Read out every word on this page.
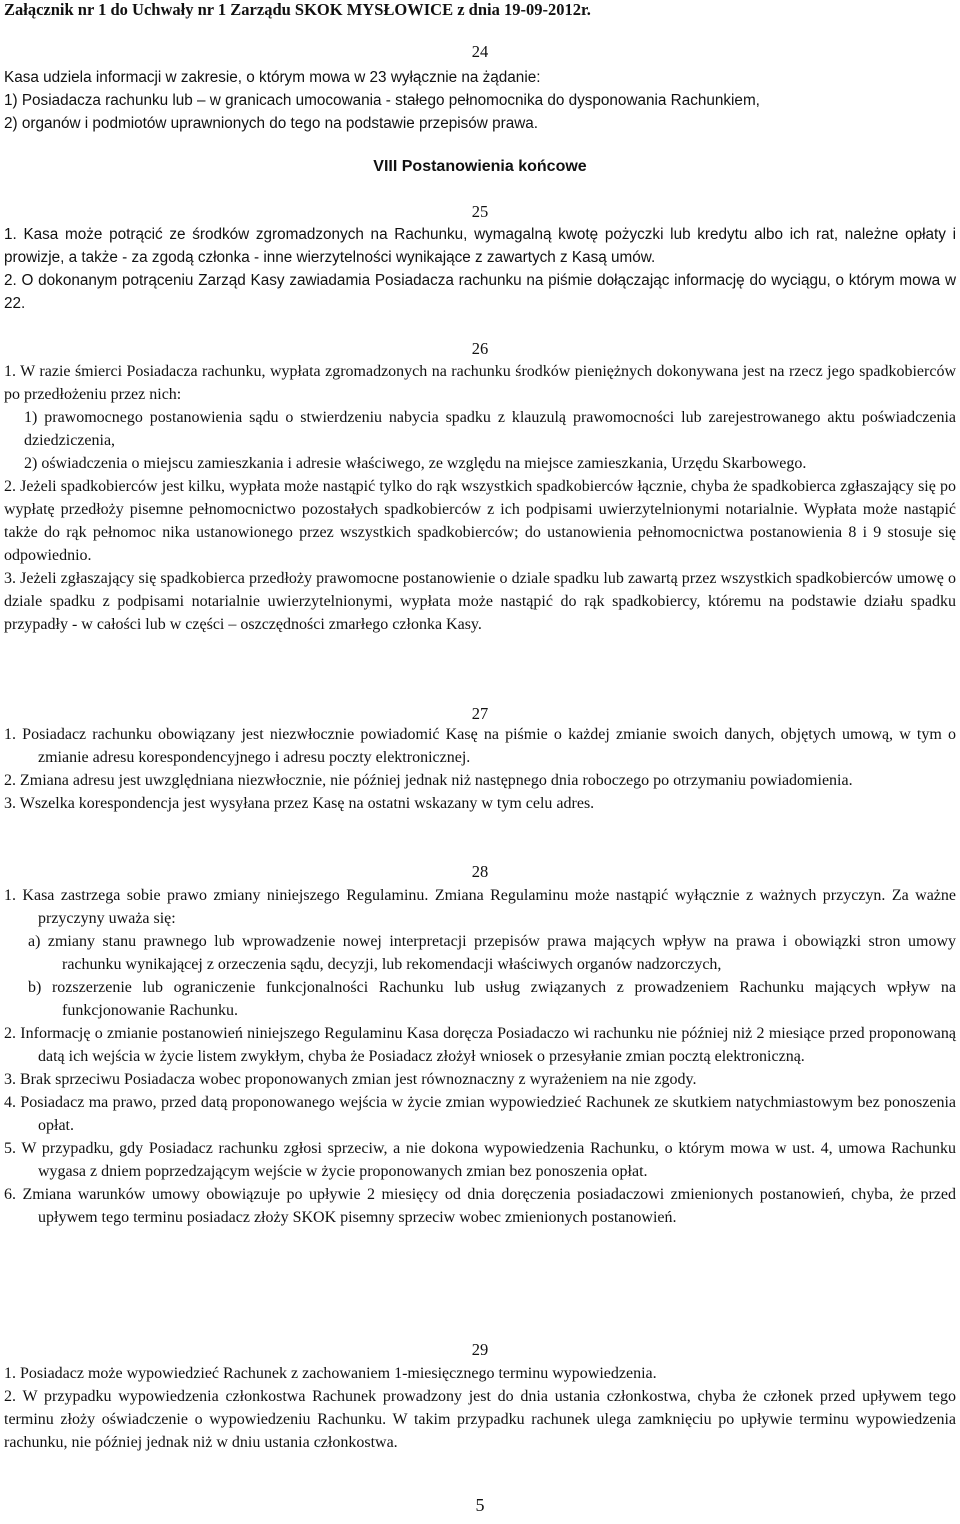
Załącznik nr 1 do Uchwały nr 1 Zarządu SKOK MYSŁOWICE z dnia 19-09-2012r.
24

Kasa udziela informacji w zakresie, o którym mowa w 23 wyłącznie na żądanie:

1) Posiadacza rachunku lub – w granicach umocowania - stałego pełnomocnika do dysponowania Rachunkiem,

2) organów i podmiotów uprawnionych do tego na podstawie przepisów prawa.

VIII Postanowienia końcowe
25

1. Kasa może potrącić ze środków zgromadzonych na Rachunku, wymagalną kwotę pożyczki lub kredytu albo ich rat, należne opłaty i prowizje, a także - za zgodą członka - inne wierzytelności wynikające z zawartych z Kasą umów.

2. O dokonanym potrąceniu Zarząd Kasy zawiadamia Posiadacza rachunku na piśmie dołączając informację do wyciągu, o którym mowa w 22.

26

1. W razie śmierci Posiadacza rachunku, wypłata zgromadzonych na rachunku środków pieniężnych dokonywana jest na rzecz jego spadkobierców po przedłożeniu przez nich:

1) prawomocnego postanowienia sądu o stwierdzeniu nabycia spadku z klauzulą prawomocności lub zarejestrowanego aktu poświadczenia dziedziczenia,

2) oświadczenia o miejscu zamieszkania i adresie właściwego, ze względu na miejsce zamieszkania, Urzędu Skarbowego.

2. Jeżeli spadkobierców jest kilku, wypłata może nastąpić tylko do rąk wszystkich spadkobierców łącznie, chyba że spadkobierca zgłaszający się po wypłatę przedłoży pisemne pełnomocnictwo pozostałych spadkobierców z ich podpisami uwierzytelnionymi notarialnie. Wypłata może nastąpić także do rąk pełnomoc nika ustanowionego przez wszystkich spadkobierców; do ustanowienia pełnomocnictwa postanowienia 8 i 9 stosuje się odpowiednio.

3. Jeżeli zgłaszający się spadkobierca przedłoży prawomocne postanowienie o dziale spadku lub zawartą przez wszystkich spadkobierców umowę o dziale spadku z podpisami notarialnie uwierzytelnionymi, wypłata może nastąpić do rąk spadkobiercy, któremu na podstawie działu spadku przypadły - w całości lub w części – oszczędności zmarłego członka Kasy.

27

1. Posiadacz rachunku obowiązany jest niezwłocznie powiadomić Kasę na piśmie o każdej zmianie swoich danych, objętych umową, w tym o zmianie adresu korespondencyjnego i adresu poczty elektronicznej.

2. Zmiana adresu jest uwzględniana niezwłocznie, nie później jednak niż następnego dnia roboczego po otrzymaniu powiadomienia.

3. Wszelka korespondencja jest wysyłana przez Kasę na ostatni wskazany w tym celu adres.

28

1. Kasa zastrzega sobie prawo zmiany niniejszego Regulaminu. Zmiana Regulaminu może nastąpić wyłącznie z ważnych przyczyn. Za ważne przyczyny uważa się:

a) zmiany stanu prawnego lub wprowadzenie nowej interpretacji przepisów prawa mających wpływ na prawa i obowiązki stron umowy rachunku wynikającej z orzeczenia sądu, decyzji, lub rekomendacji właściwych organów nadzorczych,

b) rozszerzenie lub ograniczenie funkcjonalności Rachunku lub usług związanych z prowadzeniem Rachunku mających wpływ na funkcjonowanie Rachunku.

2. Informację o zmianie postanowień niniejszego Regulaminu Kasa doręcza Posiadaczo wi rachunku nie później niż 2 miesiące przed proponowaną datą ich wejścia w życie listem zwykłym, chyba że Posiadacz złożył wniosek o przesyłanie zmian pocztą elektroniczną.

3. Brak sprzeciwu Posiadacza wobec proponowanych zmian jest równoznaczny z wyrażeniem na nie zgody.

4. Posiadacz ma prawo, przed datą proponowanego wejścia w życie zmian wypowiedzieć Rachunek ze skutkiem natychmiastowym bez ponoszenia opłat.

5. W przypadku, gdy Posiadacz rachunku zgłosi sprzeciw, a nie dokona wypowiedzenia Rachunku, o którym mowa w ust. 4, umowa Rachunku wygasa z dniem poprzedzającym wejście w życie proponowanych zmian bez ponoszenia opłat.

6. Zmiana warunków umowy obowiązuje po upływie 2 miesięcy od dnia doręczenia posiadaczowi zmienionych postanowień, chyba, że przed upływem tego terminu posiadacz złoży SKOK pisemny sprzeciw wobec zmienionych postanowień.

29

1. Posiadacz może wypowiedzieć Rachunek z zachowaniem 1-miesięcznego terminu wypowiedzenia.

2. W przypadku wypowiedzenia członkostwa Rachunek prowadzony jest do dnia ustania członkostwa, chyba że członek przed upływem tego terminu złoży oświadczenie o wypowiedzeniu Rachunku. W takim przypadku rachunek ulega zamknięciu po upływie terminu wypowiedzenia rachunku, nie później jednak niż w dniu ustania członkostwa.

5
